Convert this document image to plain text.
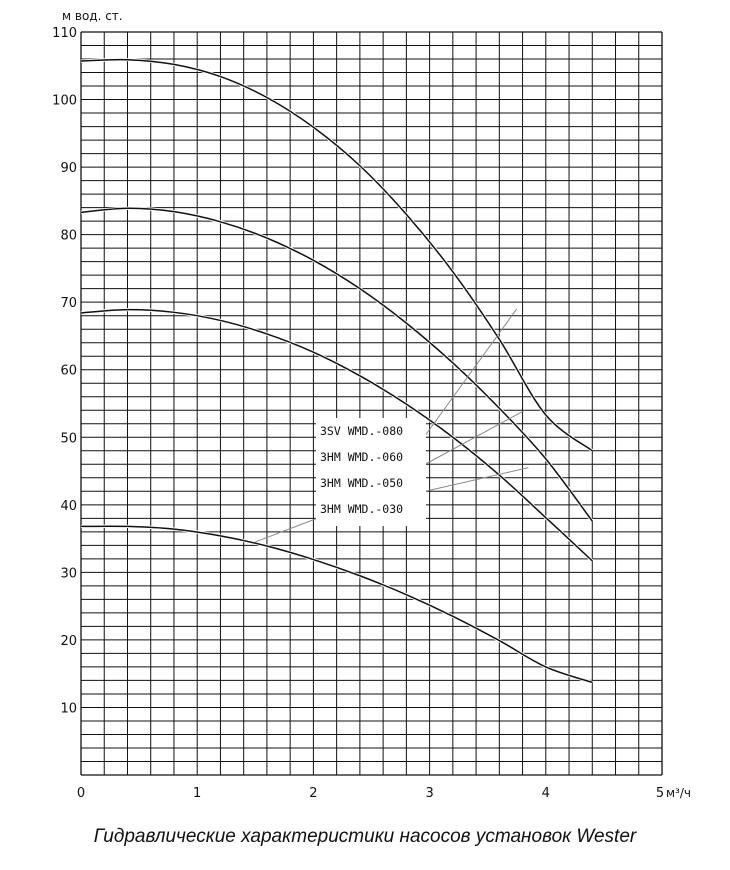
10
20
30
40
50
60
70
80
90
100
110
0	1	2	3	4	5
3SV WMD.-080
3HM WMD.-060
3HM WMD.-050
3HM WMD.-030
м вод. ст.
м³/ч
Гидравлические характеристики насосов установок Wester
